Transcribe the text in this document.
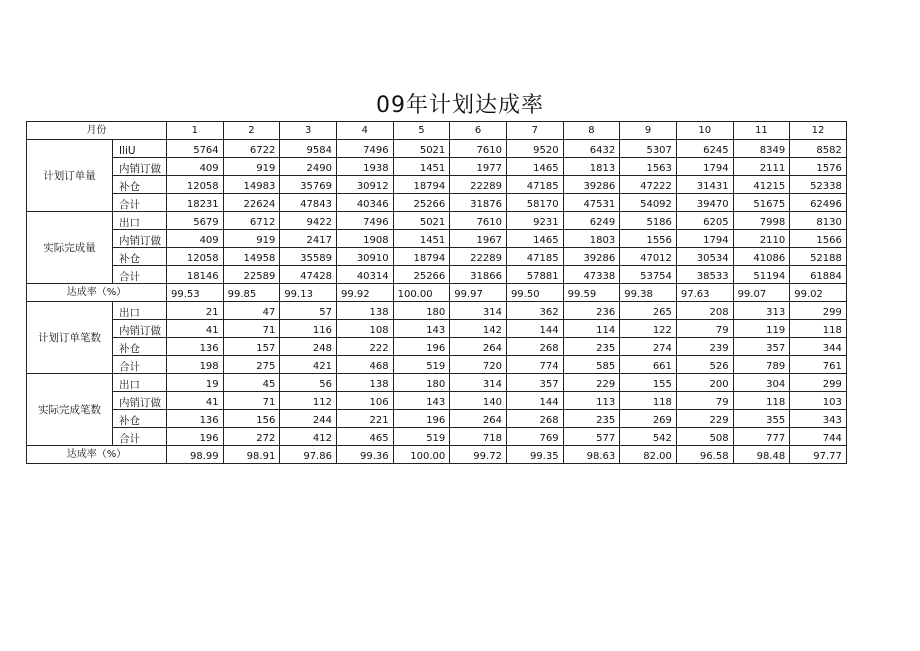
09年计划达成率
月份		1	2	3	4	5	6	7	8	9	10	11	12
计划订单量	IliU	5764	6722	9584	7496	5021	7610	9520	6432	5307	6245	8349	8582
	内销订做	409	919	2490	1938	1451	1977	1465	1813	1563	1794	2111	1576
	补仓	12058	14983	35769	30912	18794	22289	47185	39286	47222	31431	41215	52338
	合计	18231	22624	47843	40346	25266	31876	58170	47531	54092	39470	51675	62496
实际完成量	出口	5679	6712	9422	7496	5021	7610	9231	6249	5186	6205	7998	8130
	内销订做	409	919	2417	1908	1451	1967	1465	1803	1556	1794	2110	1566
	补仓	12058	14958	35589	30910	18794	22289	47185	39286	47012	30534	41086	52188
	合计	18146	22589	47428	40314	25266	31866	57881	47338	53754	38533	51194	61884
达成率（%）		99.53	99.85	99.13	99.92	100.00	99.97	99.50	99.59	99.38	97.63	99.07	99.02
计划订单笔数	出口	21	47	57	138	180	314	362	236	265	208	313	299
	内销订做	41	71	116	108	143	142	144	114	122	79	119	118
	补仓	136	157	248	222	196	264	268	235	274	239	357	344
	合计	198	275	421	468	519	720	774	585	661	526	789	761
实际完成笔数	出口	19	45	56	138	180	314	357	229	155	200	304	299
	内销订做	41	71	112	106	143	140	144	113	118	79	118	103
	补仓	136	156	244	221	196	264	268	235	269	229	355	343
	合计	196	272	412	465	519	718	769	577	542	508	777	744
达成率（%）		98.99	98.91	97.86	99.36	100.00	99.72	99.35	98.63	82.00	96.58	98.48	97.77
